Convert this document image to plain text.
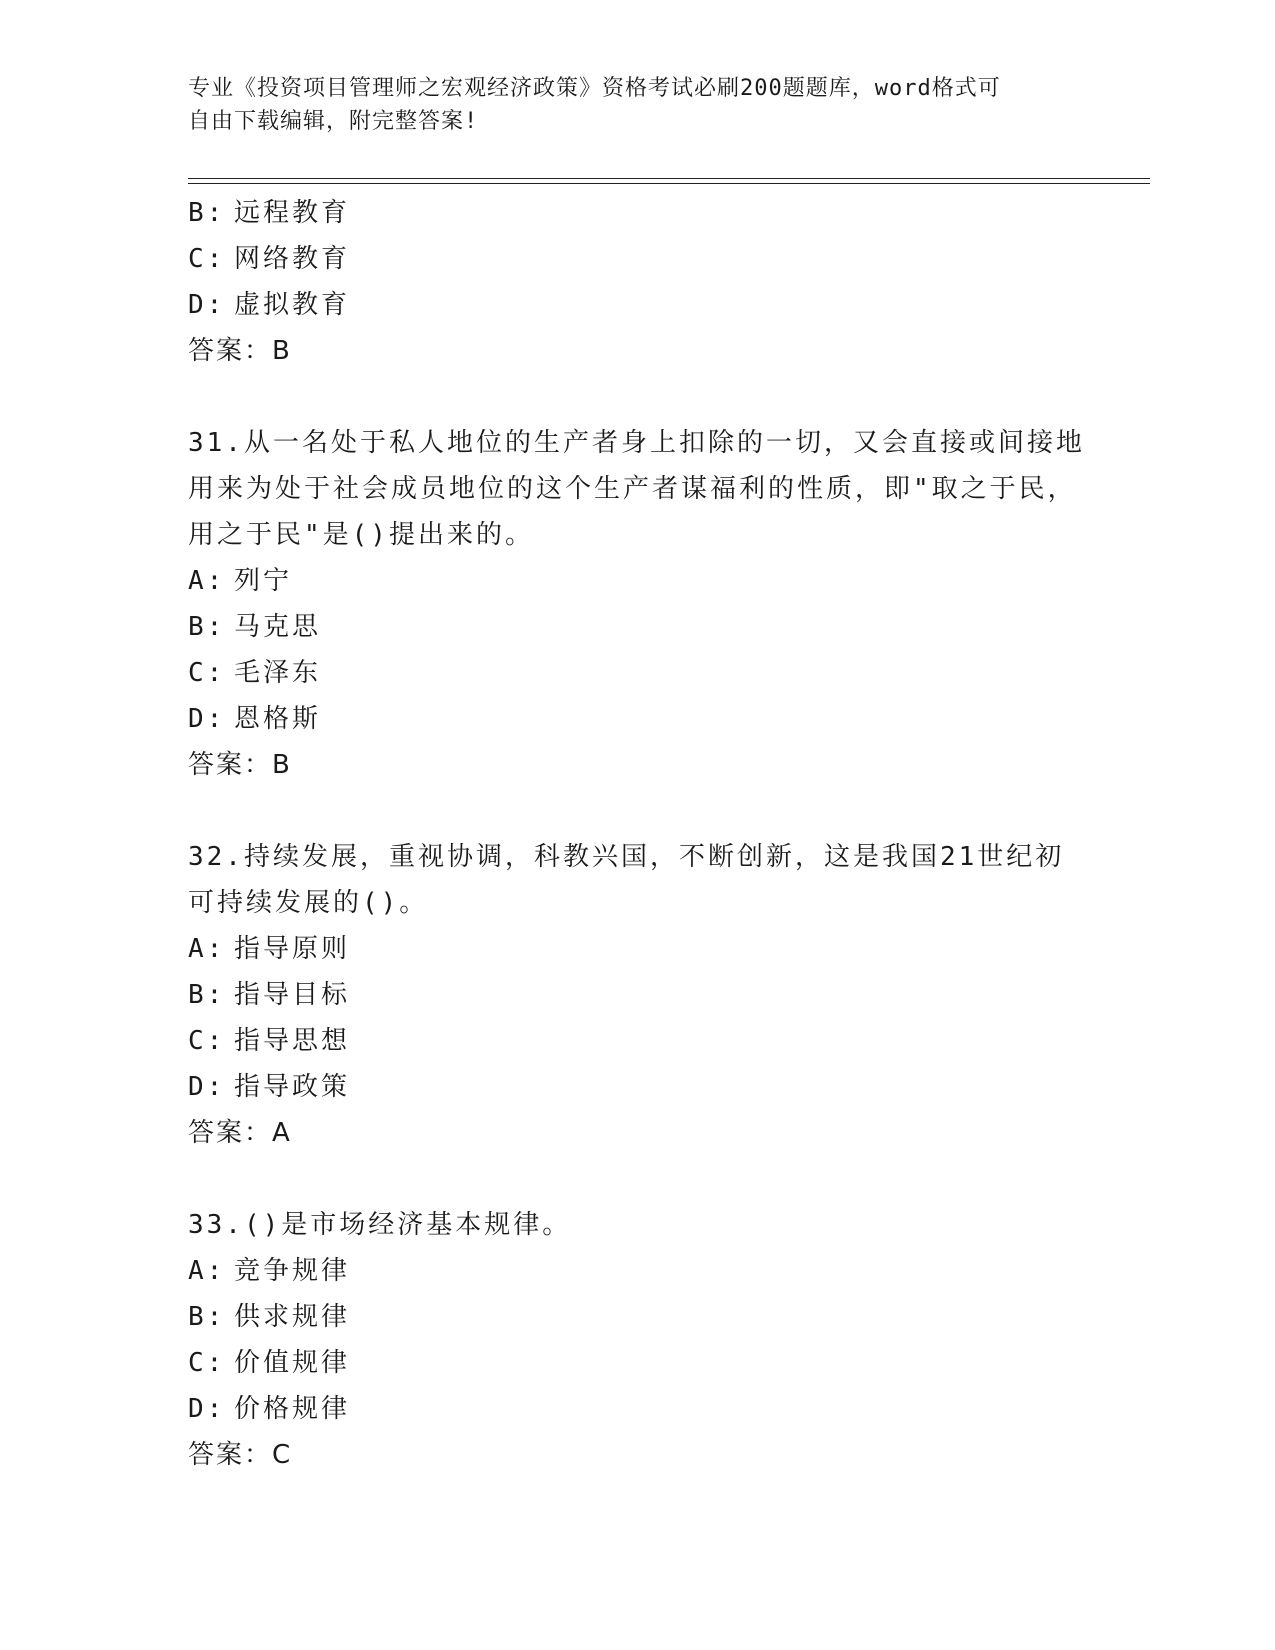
专业《投资项目管理师之宏观经济政策》资格考试必刷200题题库，word格式可
自由下载编辑，附完整答案!
B: 远程教育
C: 网络教育
D: 虚拟教育
答案：B
31.从一名处于私人地位的生产者身上扣除的一切，又会直接或间接地
用来为处于社会成员地位的这个生产者谋福利的性质，即"取之于民，
用之于民"是()提出来的。
A: 列宁
B: 马克思
C: 毛泽东
D: 恩格斯
答案：B
32.持续发展，重视协调，科教兴国，不断创新，这是我国21世纪初
可持续发展的()。
A: 指导原则
B: 指导目标
C: 指导思想
D: 指导政策
答案：A
33.()是市场经济基本规律。
A: 竞争规律
B: 供求规律
C: 价值规律
D: 价格规律
答案：C
